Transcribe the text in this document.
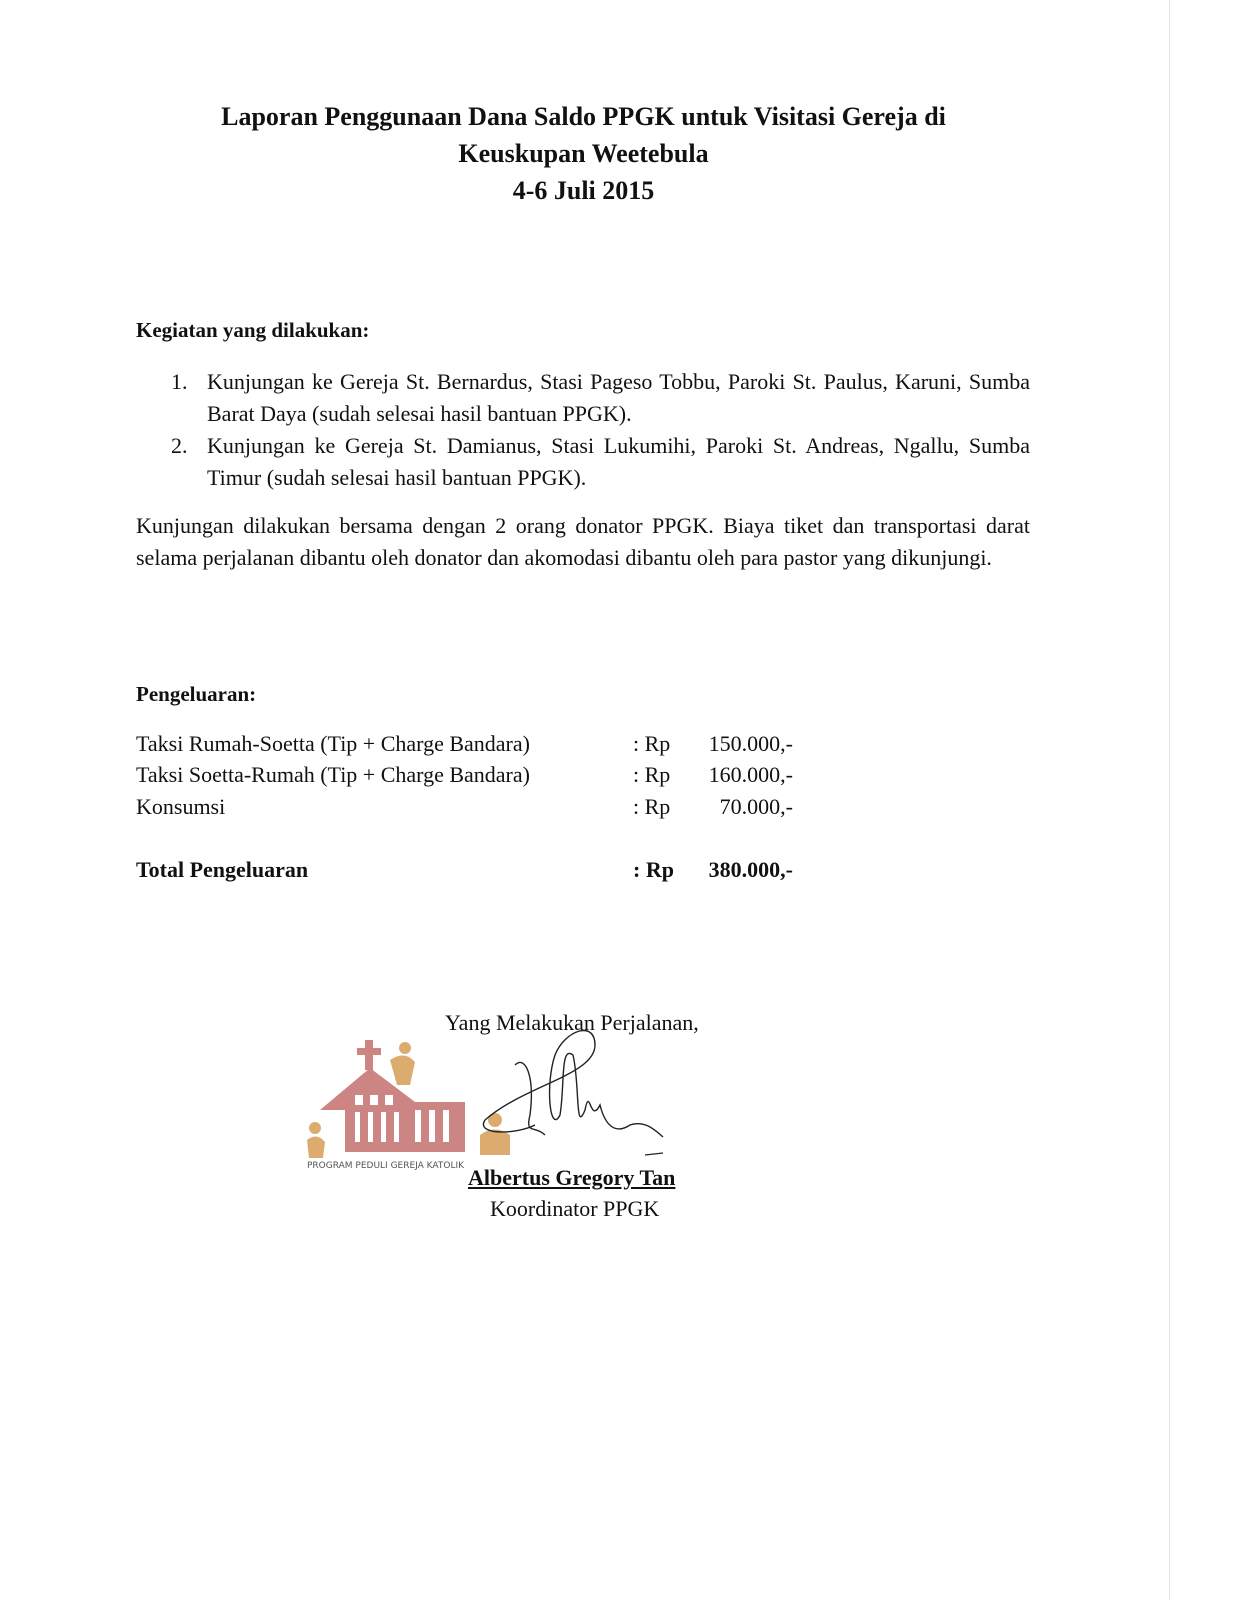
Laporan Penggunaan Dana Saldo PPGK untuk Visitasi Gereja di
Keuskupan Weetebula
4-6 Juli 2015
Kegiatan yang dilakukan:
1. Kunjungan ke Gereja St. Bernardus, Stasi Pageso Tobbu, Paroki St. Paulus, Karuni, Sumba Barat Daya (sudah selesai hasil bantuan PPGK).
2. Kunjungan ke Gereja St. Damianus, Stasi Lukumihi, Paroki St. Andreas, Ngallu, Sumba Timur (sudah selesai hasil bantuan PPGK).
Kunjungan dilakukan bersama dengan 2 orang donator PPGK. Biaya tiket dan transportasi darat selama perjalanan dibantu oleh donator dan akomodasi dibantu oleh para pastor yang dikunjungi.
Pengeluaran:
Taksi Rumah-Soetta (Tip + Charge Bandara)	: Rp	150.000,-
Taksi Soetta-Rumah (Tip + Charge Bandara)	: Rp	160.000,-
Konsumsi	: Rp	70.000,-
Total Pengeluaran	: Rp	380.000,-
Yang Melakukan Perjalanan,
PROGRAM PEDULI GEREJA KATOLIK Albertus Gregory Tan
Koordinator PPGK
